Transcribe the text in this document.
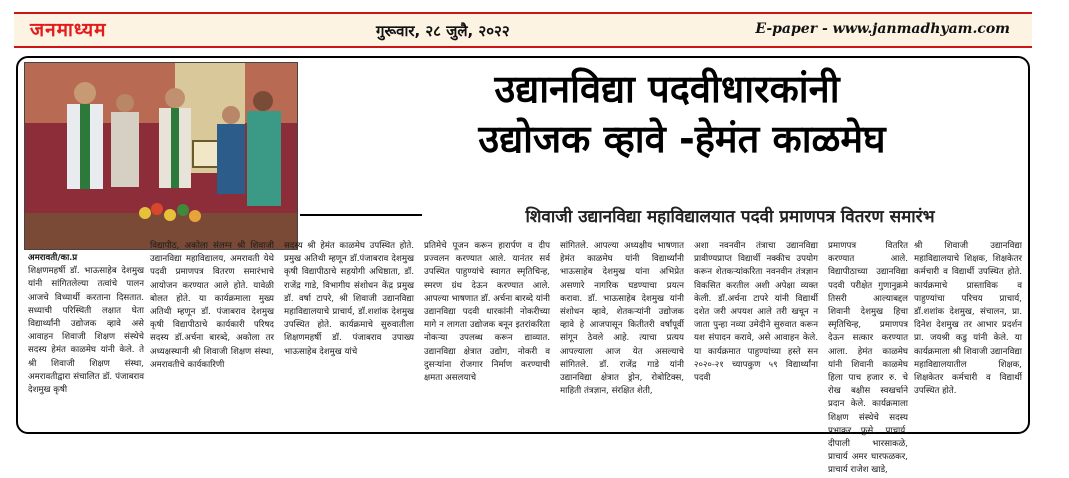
जनमाध्यम	गुरूवार, २८ जुलै, २०२२	E-paper - www.janmadhyam.com
उद्यानविद्या पदवीधारकांनी
उद्योजक व्हावे -हेमंत काळमेघ
शिवाजी उद्यानविद्या महाविद्यालयात पदवी प्रमाणपत्र वितरण समारंभ
अमरावती/का.प्र
शिक्षणमहर्षी डॉ. भाऊसाहेब देशमुख यांनी सांगितलेल्या तत्वांचे पालन आजचे विध्यार्थी करताना दिसतात. सध्याची परिस्थिती लक्षात घेता विद्यार्थ्यांनी उद्योजक व्हावे असे आवाहन शिवाजी शिक्षण संस्थेचे सदस्य हेमंत काळमेघ यांनी केले. ते श्री शिवाजी शिक्षण संस्था, अमरावतीद्वारा संचालित डॉ. पंजाबराव देशमुख कृषी
विद्यापीठ, अकोला संलग्न श्री शिवाजी उद्यानविद्या महाविद्यालय, अमरावती येथे पदवी प्रमाणपत्र वितरण समारंभाचे आयोजन करण्यात आले होते. यावेळी बोलत होते. या कार्यक्रमाला मुख्य अतिथी म्हणून डॉ. पंजाबराव देशमुख कृषी विद्यापीठाचे कार्यकारी परिषद सदस्य डॉ.अर्चना बारब्दे, अकोला तर अध्यक्षस्थानी श्री शिवाजी शिक्षण संस्था, अमरावतीचे कार्यकारिणी
सदस्य श्री हेमंत काळमेघ उपस्थित होते. प्रमुख अतिथी म्हणून डॉ.पंजाबराव देशमुख कृषी विद्यापीठाचे सहयोगी अधिष्ठाता, डॉ. राजेंद्र गाडे, विभागीय संशोधन केंद्र प्रमुख डॉ. वर्षा टापरे, श्री शिवाजी उद्यानविद्या महाविद्यालयाचे प्राचार्य, डॉ.शशांक देशमुख उपस्थित होते. कार्यक्रमाचे सुरुवातीला शिक्षणमहर्षी डॉ. पंजाबराव उपाख्य भाऊसाहेब देशमुख यांचे
प्रतिमेचे पूजन करून हारार्पण व दीप प्रज्वलन करण्यात आले. यानंतर सर्व उपस्थित पाहुण्यांचे स्वागत स्मृतिचिन्ह, स्मरण ग्रंथ देऊन करण्यात आले. आपल्या भाषणात डॉ. अर्चना बारब्दे यांनी उद्यानविद्या पदवी धारकांनी नोकरीच्या मागे न लागता उद्योजक बनून इतरांकरिता नोकऱ्या उपलब्ध करून द्याव्यात. उद्यानविद्या क्षेत्रात उद्योग, नोकरी व दुसऱ्यांना रोजगार निर्माण करण्याची क्षमता असलयाचे
सांगितले. आपल्या अध्यक्षीय भाषणात हेमंत काळमेघ यांनी विद्यार्थ्यांनी भाऊसाहेब देशमुख यांना अभिप्रेत असणारे नागरिक घडण्याचा प्रयत्न करावा. डॉ. भाऊसाहेब देशमुख यांनी संशोधन व्हावे, शेतकऱ्यांनी उद्योजक व्हावे हे आजपासून कितीतरी वर्षांपूर्वी सांगून ठेवले आहे. त्याचा प्रत्यय आपल्याला आज येत असल्याचे सांगितले. डॉ. राजेंद्र गाडे यांनी उद्यानविद्या क्षेत्रात ड्रोन, रोबोटिक्स, माहिती तंत्रज्ञान, संरक्षित शेती,
अशा नवनवीन तंत्राचा उद्यानविद्या प्रावीण्यप्राप्त विद्यार्थी नक्कीच उपयोग करून शेतकऱ्यांकरिता नवनवीन तंत्रज्ञान विकसित करतील अशी अपेक्षा व्यक्त केली. डॉ.अर्चना टापरे यांनी विद्यार्थी दशेत जरी अपयश आले तरी खचून न जाता पुन्हा नव्या उमेदीने सुरुवात करून यश संपादन करावे, असे आवाहन केले. या कार्यक्रमात पाहुण्यांच्या हस्ते सन २०२०-२१ च्यापकुण ५९ विद्यार्थ्यांना पदवी
प्रमाणपत्र वितरित करण्यात आले. विद्यापीठाच्या उद्यानविद्या पदवी परीक्षेत गुणानुक्रमे तिसरी आल्याबद्दल शिवानी देशमुख हिचा स्मृतिचिन्ह, प्रमाणपत्र देऊन सत्कार करण्यात आला. हेमंत काळमेघ यांनी शिवानी काळमेघ हिला पाच हजार रु. चे रोख बक्षीस स्वखर्चाने प्रदान केले. कार्यक्रमाला शिक्षण संस्थेचे सदस्य प्रभाकर फुसे, प्राचार्य, दीपाली भारसाकळे, प्राचार्य अमर घारफळकर, प्राचार्य राजेश खाडे,
श्री शिवाजी उद्यानविद्या महाविद्यालयाचे शिक्षक, शिक्षकेतर कर्मचारी व विद्यार्थी उपस्थित होते. कार्यक्रमाचे प्रास्ताविक व पाहुण्यांचा परिचय प्राचार्य, डॉ.शशांक देशमुख, संचालन, प्रा. दिनेश देशमुख तर आभार प्रदर्शन प्रा. जयश्री कडु यांनी केले. या कार्यक्रमाला श्री शिवाजी उद्यानविद्या महाविद्यालयातील शिक्षक, शिक्षकेतर कर्मचारी व विद्यार्थी उपस्थित होते.
